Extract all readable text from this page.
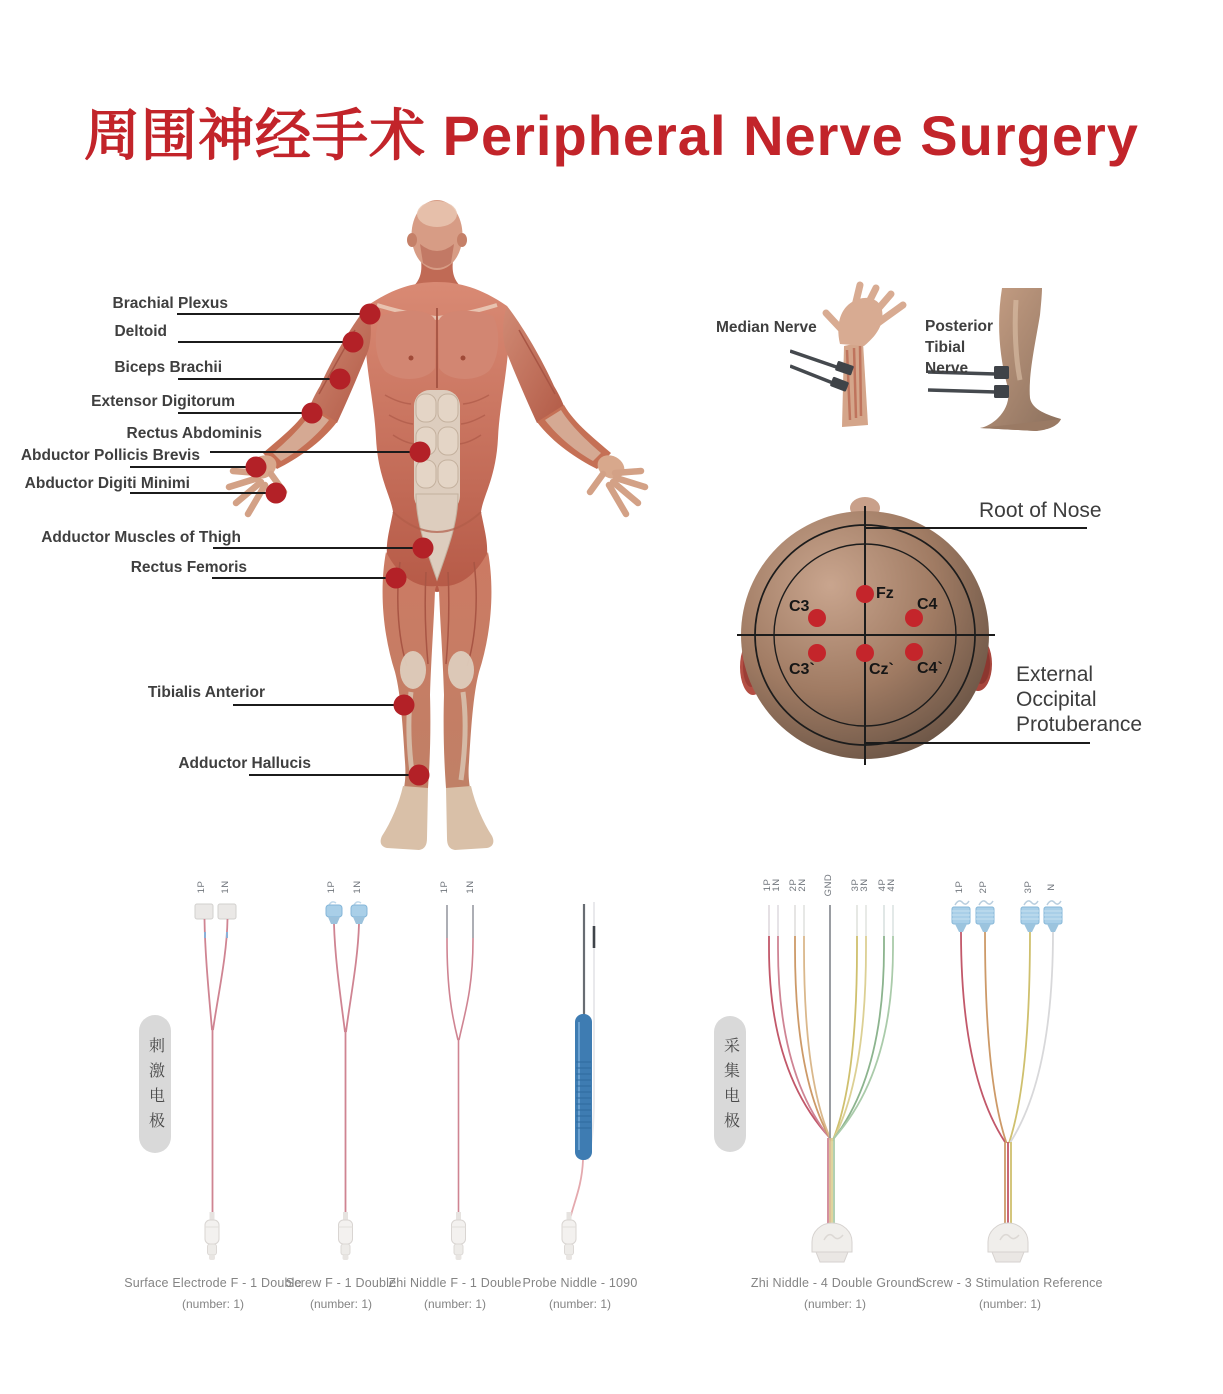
周围神经手术 Peripheral Nerve Surgery
Brachial Plexus
Deltoid
Biceps Brachii
Extensor Digitorum
Rectus Abdominis
Abductor Pollicis Brevis
Abductor Digiti Minimi
Adductor Muscles of Thigh
Rectus Femoris
Tibialis Anterior
Adductor Hallucis
Median Nerve	Posterior
Tibial
Nerve
Root of Nose
External
Occipital
Protuberance
Fz
C3	C4
C3`	Cz` C4`
刺激电极	采集电极
1P	1N	1P	1N	1P	1N	1P
1N 2P
2N	GND	3P
3N 4P
4N	1P	2P	3P	N
Surface Electrode F - 1 Double
(number: 1)
Screw F - 1 Double
(number: 1)
Zhi Niddle F - 1 Double
(number: 1)
Probe Niddle - 1090
(number: 1)
Zhi Niddle - 4 Double Ground
(number: 1)
Screw - 3 Stimulation Reference
(number: 1)
